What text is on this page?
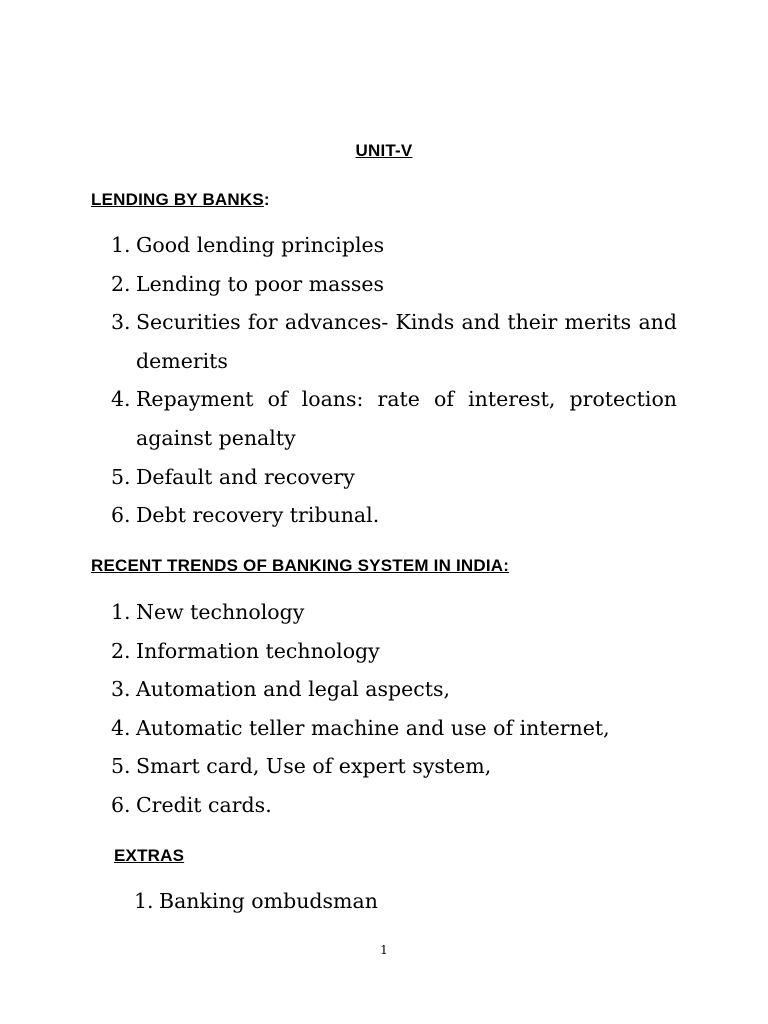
UNIT-V
LENDING BY BANKS:
1. Good lending principles
2. Lending to poor masses
3. Securities for advances- Kinds and their merits and demerits
4. Repayment of loans: rate of interest, protection against penalty
5. Default and recovery
6. Debt recovery tribunal.
RECENT TRENDS OF BANKING SYSTEM IN INDIA:
1. New technology
2. Information technology
3. Automation and legal aspects,
4. Automatic teller machine and use of internet,
5. Smart card, Use of expert system,
6. Credit cards.
EXTRAS
1. Banking ombudsman
1
